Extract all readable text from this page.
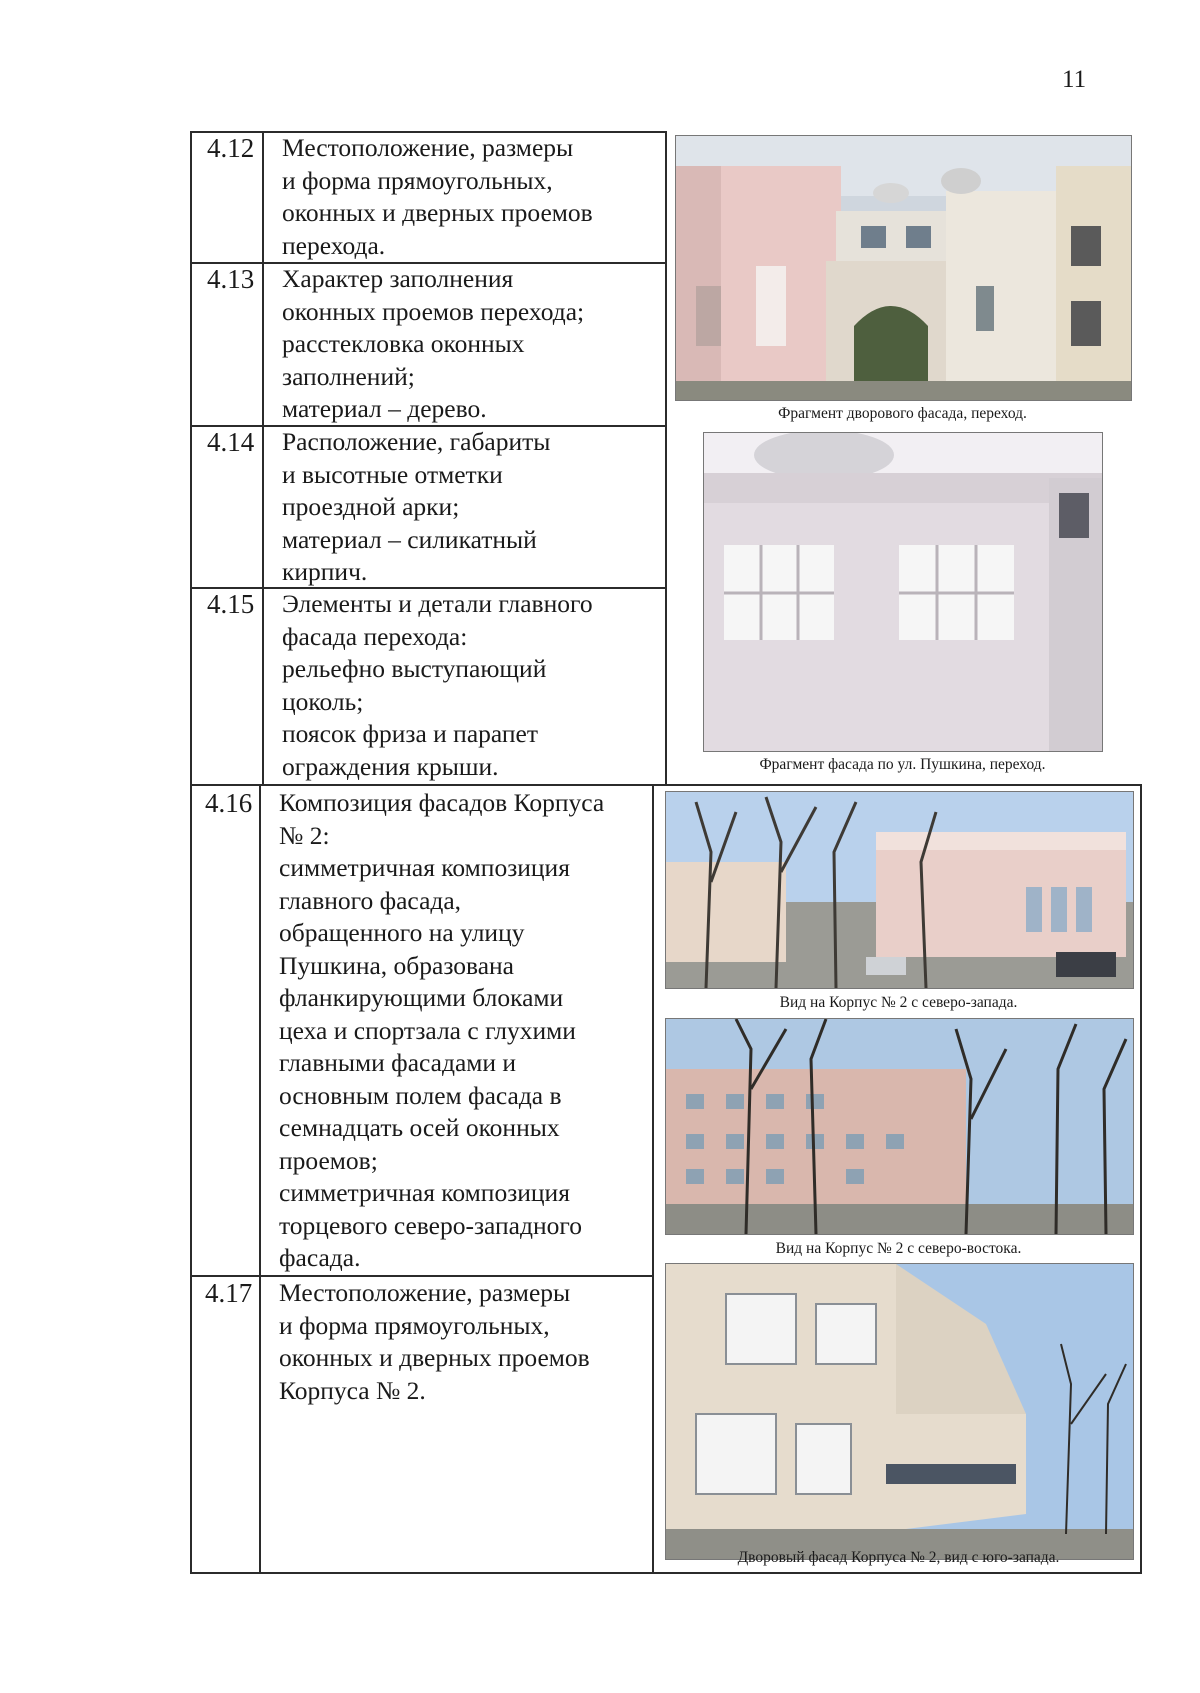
11
4.12
4.13
4.14
4.15
4.16
4.17
Местоположение, размеры
и форма прямоугольных,
оконных и дверных проемов
перехода.
Характер заполнения
оконных проемов перехода;
расстекловка оконных
заполнений;
материал – дерево.
Расположение, габариты
и высотные отметки
проездной арки;
материал – силикатный
кирпич.
Элементы и детали главного
фасада перехода:
рельефно выступающий
цоколь;
поясок фриза и парапет
ограждения крыши.
Композиция фасадов Корпуса
№ 2:
симметричная композиция
главного фасада,
обращенного на улицу
Пушкина, образована
фланкирующими блоками
цеха и спортзала с глухими
главными фасадами и
основным полем фасада в
семнадцать осей оконных
проемов;
симметричная композиция
торцевого северо-западного
фасада.
Местоположение, размеры
и форма прямоугольных,
оконных и дверных проемов
Корпуса № 2.
Фрагмент дворового фасада, переход.
Фрагмент фасада по ул. Пушкина, переход.
Вид на Корпус № 2 с северо-запада.
Вид на Корпус № 2 с северо-востока.
Дворовый фасад Корпуса № 2, вид с юго-запада.
